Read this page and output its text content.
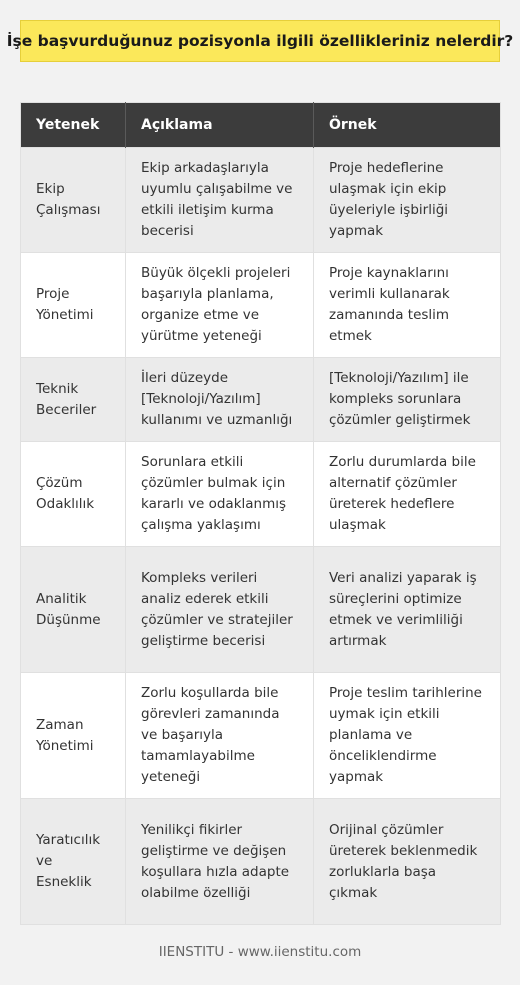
İşe başvurduğunuz pozisyonla ilgili özellikleriniz nelerdir?
Yetenek	Açıklama	Örnek
Ekip Çalışması	Ekip arkadaşlarıyla uyumlu çalışabilme ve etkili iletişim kurma becerisi	Proje hedeflerine ulaşmak için ekip üyeleriyle işbirliği yapmak
Proje Yönetimi	Büyük ölçekli projeleri başarıyla planlama, organize etme ve yürütme yeteneği	Proje kaynaklarını verimli kullanarak zamanında teslim etmek
Teknik Beceriler	İleri düzeyde [Teknoloji/Yazılım] kullanımı ve uzmanlığı	[Teknoloji/Yazılım] ile kompleks sorunlara çözümler geliştirmek
Çözüm Odaklılık	Sorunlara etkili çözümler bulmak için kararlı ve odaklanmış çalışma yaklaşımı	Zorlu durumlarda bile alternatif çözümler üreterek hedeflere ulaşmak
Analitik Düşünme	Kompleks verileri analiz ederek etkili çözümler ve stratejiler geliştirme becerisi	Veri analizi yaparak iş süreçlerini optimize etmek ve verimliliği artırmak
Zaman Yönetimi	Zorlu koşullarda bile görevleri zamanında ve başarıyla tamamlayabilme yeteneği	Proje teslim tarihlerine uymak için etkili planlama ve önceliklendirme yapmak
Yaratıcılık ve Esneklik	Yenilikçi fikirler geliştirme ve değişen koşullara hızla adapte olabilme özelliği	Orijinal çözümler üreterek beklenmedik zorluklarla başa çıkmak
IIENSTITU - www.iienstitu.com
